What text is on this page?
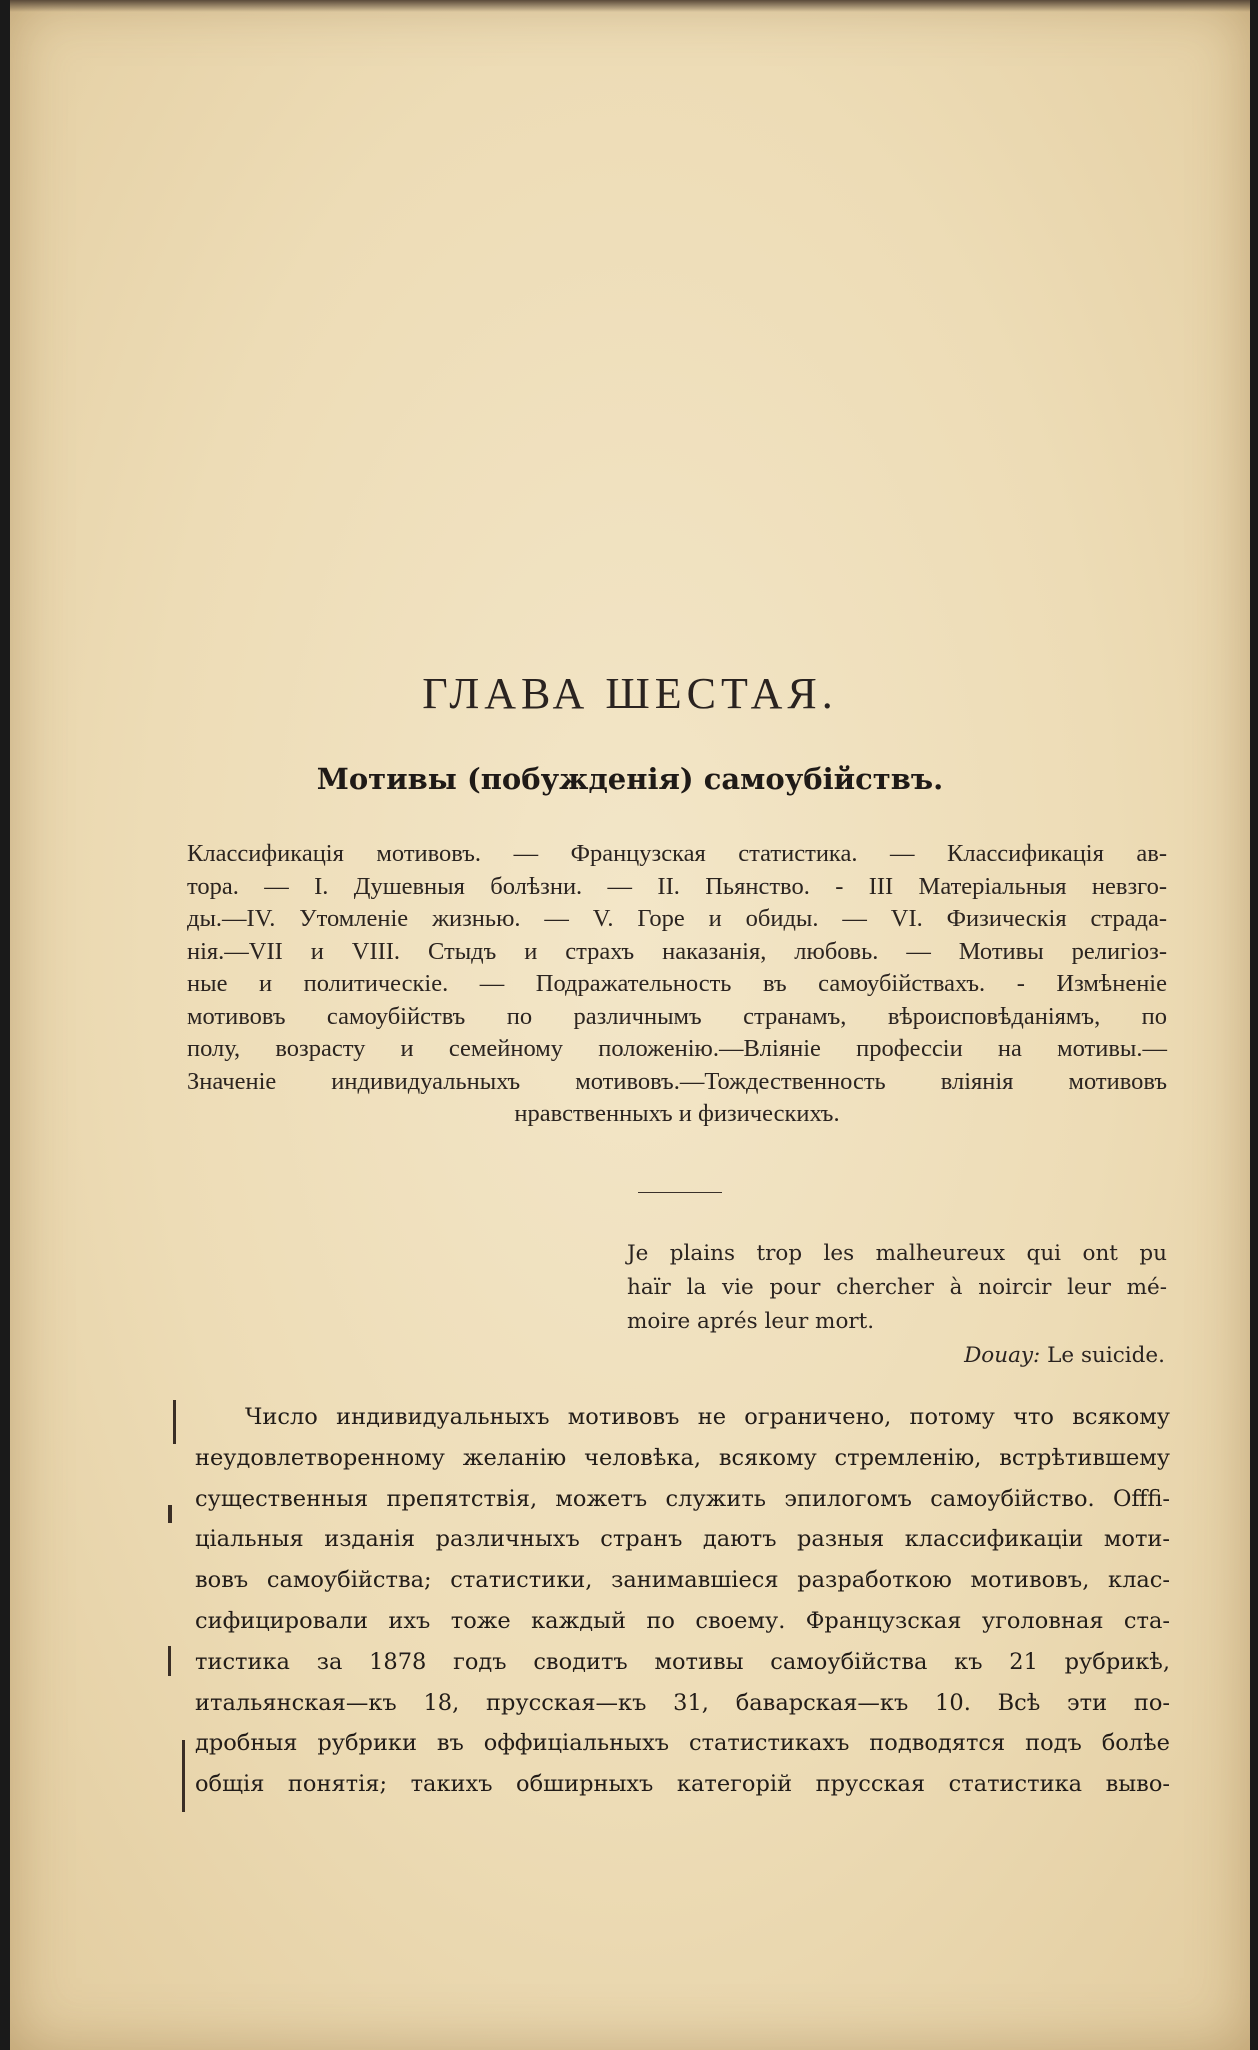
ГЛАВА ШЕСТАЯ.
Мотивы (побужденія) самоубійствъ.
Классификація мотивовъ. — Французская статистика. — Классификація ав-
тора. — I. Душевныя болѣзни. — II. Пьянство. - III Матеріальныя невзго-
ды.—IV. Утомленіе жизнью. — V. Горе и обиды. — VI. Физическія страда-
нія.—VII и VIII. Стыдъ и страхъ наказанія, любовь. — Мотивы религіоз-
ные и политическіе. — Подражательность въ самоубійствахъ. - Измѣненіе
мотивовъ самоубійствъ по различнымъ странамъ, вѣроисповѣданіямъ, по
полу, возрасту и семейному положенію.—Вліяніе профессіи на мотивы.—
Значеніе индивидуальныхъ мотивовъ.—Тождественность вліянія мотивовъ
нравственныхъ и физическихъ.
Je plains trop les malheureux qui ont pu
haïr la vie pour chercher à noircir leur mé-
moire aprés leur mort.
Douay: Le suicide.
Число индивидуальныхъ мотивовъ не ограничено, потому что всякому
неудовлетворенному желанію человѣка, всякому стремленію, встрѣтившему
существенныя препятствія, можетъ служить эпилогомъ самоубійство. Offfi-
ціальныя изданія различныхъ странъ даютъ разныя классификаціи моти-
вовъ самоубійства; статистики, занимавшіеся разработкою мотивовъ, клас-
сифицировали ихъ тоже каждый по своему. Французская уголовная ста-
тистика за 1878 годъ сводитъ мотивы самоубійства къ 21 рубрикѣ,
итальянская—къ 18, прусская—къ 31, баварская—къ 10. Всѣ эти по-
дробныя рубрики въ оффиціальныхъ статистикахъ подводятся подъ болѣе
общія понятія; такихъ обширныхъ категорій прусская статистика выво-
